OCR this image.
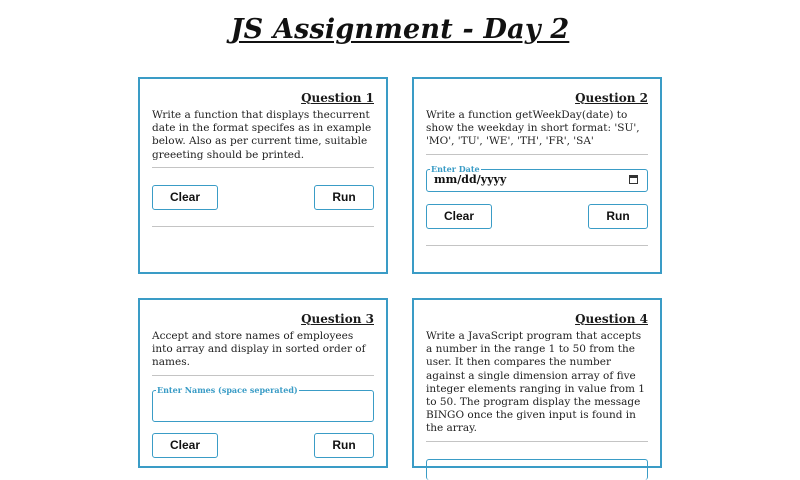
JS Assignment - Day 2
Question 1

Write a function that displays thecurrent date in the format specifes as in example below. Also as per current time, suitable greeeting should be printed.

Clear	Run
Question 2

Write a function getWeekDay(date) to show the weekday in short format: 'SU', 'MO', 'TU', 'WE', 'TH', 'FR', 'SA'

Enter Date
mm/dd/yyyy
Clear	Run
Question 3

Accept and store names of employees into array and display in sorted order of names.

Enter Names (space seperated)
Clear	Run
Question 4

Write a JavaScript program that accepts a number in the range 1 to 50 from the user. It then compares the number against a single dimension array of five integer elements ranging in value from 1 to 50. The program display the message BINGO once the given input is found in the array.
